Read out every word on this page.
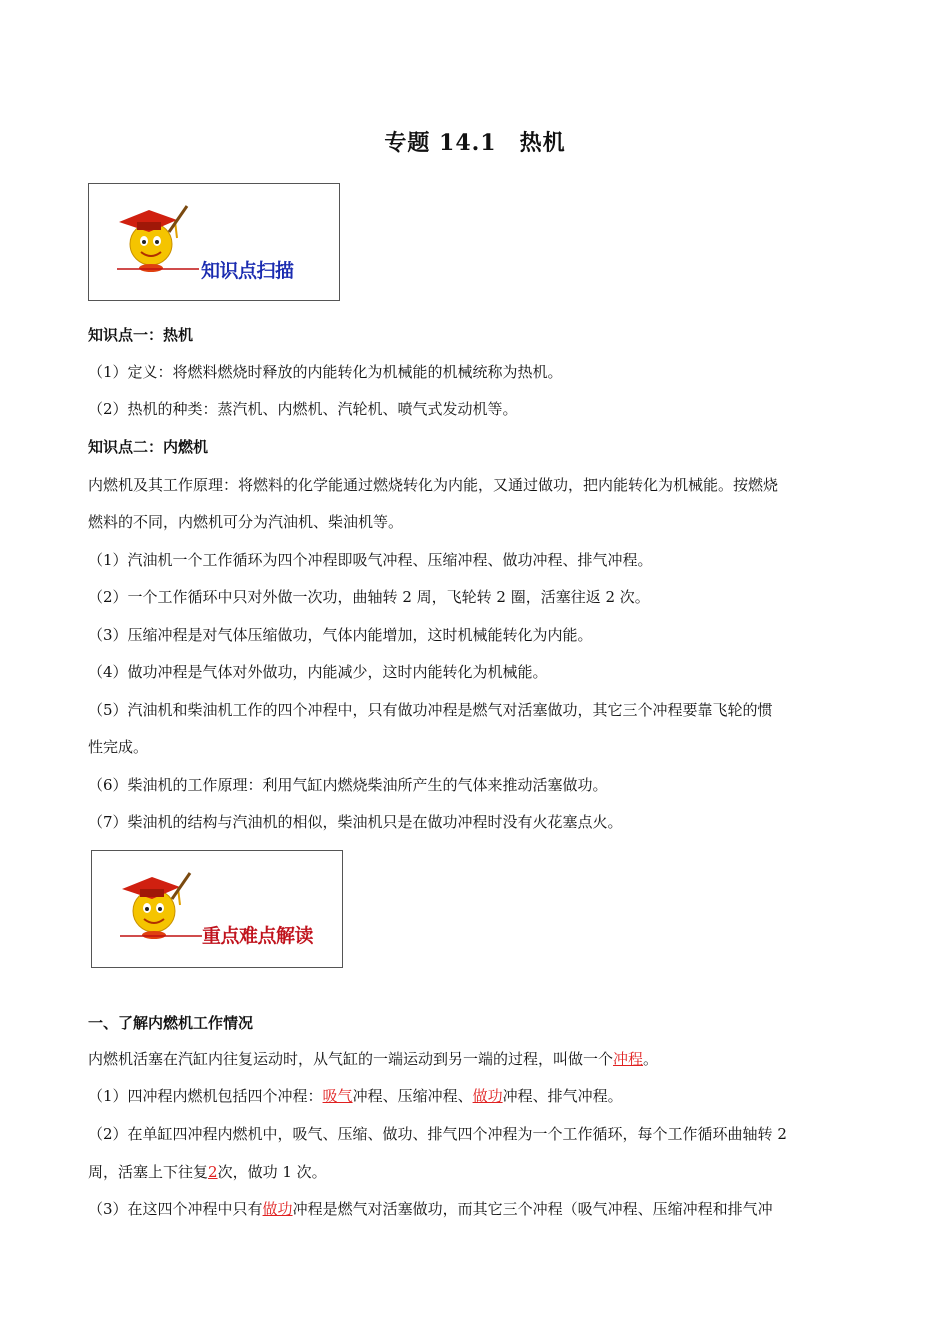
专题 14.1　热机
知识点扫描
知识点一：热机
（1）定义：将燃料燃烧时释放的内能转化为机械能的机械统称为热机。
（2）热机的种类：蒸汽机、内燃机、汽轮机、喷气式发动机等。
知识点二：内燃机
内燃机及其工作原理：将燃料的化学能通过燃烧转化为内能，又通过做功，把内能转化为机械能。按燃烧
燃料的不同，内燃机可分为汽油机、柴油机等。
（1）汽油机一个工作循环为四个冲程即吸气冲程、压缩冲程、做功冲程、排气冲程。
（2）一个工作循环中只对外做一次功，曲轴转 2 周，飞轮转 2 圈，活塞往返 2 次。
（3）压缩冲程是对气体压缩做功，气体内能增加，这时机械能转化为内能。
（4）做功冲程是气体对外做功，内能减少，这时内能转化为机械能。
（5）汽油机和柴油机工作的四个冲程中，只有做功冲程是燃气对活塞做功，其它三个冲程要靠飞轮的惯
性完成。
（6）柴油机的工作原理：利用气缸内燃烧柴油所产生的气体来推动活塞做功。
（7）柴油机的结构与汽油机的相似，柴油机只是在做功冲程时没有火花塞点火。
重点难点解读
一、了解内燃机工作情况
内燃机活塞在汽缸内往复运动时，从气缸的一端运动到另一端的过程，叫做一个冲程。
（1）四冲程内燃机包括四个冲程：吸气冲程、压缩冲程、做功冲程、排气冲程。
（2）在单缸四冲程内燃机中，吸气、压缩、做功、排气四个冲程为一个工作循环，每个工作循环曲轴转 2
周，活塞上下往复2次，做功 1 次。
（3）在这四个冲程中只有做功冲程是燃气对活塞做功，而其它三个冲程（吸气冲程、压缩冲程和排气冲
